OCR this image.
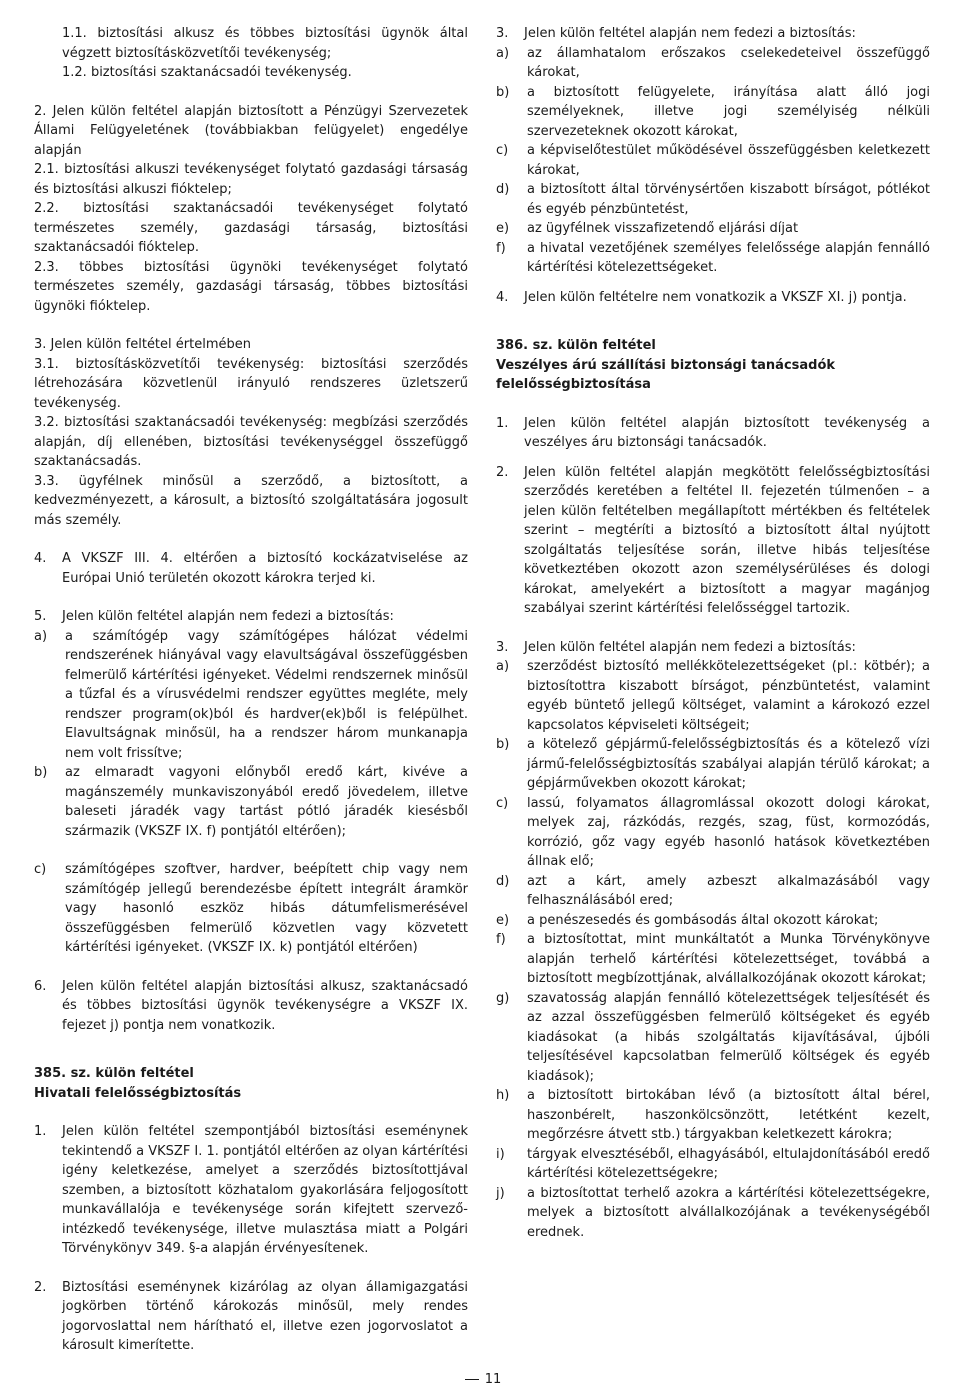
1.1. biztosítási alkusz és többes biztosítási ügynök által végzett biztosításközvetítői tevékenység;

1.2. biztosítási szaktanácsadói tevékenység.

2. Jelen külön feltétel alapján biztosított a Pénzügyi Szervezetek Állami Felügyeletének (továbbiakban felügyelet) engedélye alapján

2.1. biztosítási alkuszi tevékenységet folytató gazdasági társaság és biztosítási alkuszi fióktelep;

2.2. biztosítási szaktanácsadói tevékenységet folytató természetes személy, gazdasági társaság, biztosítási szaktanácsadói fióktelep.

2.3. többes biztosítási ügynöki tevékenységet folytató természetes személy, gazdasági társaság, többes biztosítási ügynöki fióktelep.

3. Jelen külön feltétel értelmében

3.1. biztosításközvetítői tevékenység: biztosítási szerződés létrehozására közvetlenül irányuló rendszeres üzletszerű tevékenység.

3.2. biztosítási szaktanácsadói tevékenység: megbízási szerződés alapján, díj ellenében, biztosítási tevékenységgel összefüggő szaktanácsadás.

3.3. ügyfélnek minősül a szerződő, a biztosított, a kedvezményezett, a károsult, a biztosító szolgáltatására jogosult más személy.

4.	A VKSZF III. 4. eltérően a biztosító kockázatviselése az Európai Unió területén okozott károkra terjed ki.
5.	Jelen külön feltétel alapján nem fedezi a biztosítás:
a)	a számítógép vagy számítógépes hálózat védelmi rendszerének hiányával vagy elavultságával összefüggésben felmerülő kártérítési igényeket. Védelmi rendszernek minősül a tűzfal és a vírusvédelmi rendszer együttes megléte, mely rendszer program(ok)ból és hardver(ek)ből is felépülhet. Elavultságnak minősül, ha a rendszer három munkanapja nem volt frissítve;
b)	az elmaradt vagyoni előnyből eredő kárt, kivéve a magánszemély munkaviszonyából eredő jövedelem, illetve baleseti járadék vagy tartást pótló járadék kiesésből származik (VKSZF IX. f) pontjától eltérően);
c)	számítógépes szoftver, hardver, beépített chip vagy nem számítógép jellegű berendezésbe épített integrált áramkör vagy hasonló eszköz hibás dátumfelismerésével összefüggésben felmerülő közvetlen vagy közvetett kártérítési igényeket. (VKSZF IX. k) pontjától eltérően)
6.	Jelen külön feltétel alapján biztosítási alkusz, szaktanácsadó és többes biztosítási ügynök tevékenységre a VKSZF IX. fejezet j) pontja nem vonatkozik.

385. sz. külön feltétel

Hivatali felelősségbiztosítás

1.	Jelen külön feltétel szempontjából biztosítási eseménynek tekintendő a VKSZF I. 1. pontjától eltérően az olyan kártérítési igény keletkezése, amelyet a szerződés biztosítottjával szemben, a biztosított közhatalom gyakorlására feljogosított munkavállalója e tevékenysége során kifejtett szervező-intézkedő tevékenysége, illetve mulasztása miatt a Polgári Törvénykönyv 349. §-a alapján érvényesítenek.
2.	Biztosítási eseménynek kizárólag az olyan államigazgatási jogkörben történő károkozás minősül, mely rendes jogorvoslattal nem hárítható el, illetve ezen jogorvoslatot a károsult kimerítette.
3.	Jelen külön feltétel alapján nem fedezi a biztosítás:
a)	az államhatalom erőszakos cselekedeteivel összefüggő károkat,
b)	a biztosított felügyelete, irányítása alatt álló jogi személyeknek, illetve jogi személyiség nélküli szervezeteknek okozott károkat,
c)	a képviselőtestület működésével összefüggésben keletkezett károkat,
d)	a biztosított által törvénysértően kiszabott bírságot, pótlékot és egyéb pénzbüntetést,
e)	az ügyfélnek visszafizetendő eljárási díjat
f)	a hivatal vezetőjének személyes felelőssége alapján fennálló kártérítési kötelezettségeket.
4.	Jelen külön feltételre nem vonatkozik a VKSZF XI. j) pontja.

386. sz. külön feltétel

Veszélyes árú szállítási biztonsági tanácsadók felelősségbiztosítása

1.	Jelen külön feltétel alapján biztosított tevékenység a veszélyes áru biztonsági tanácsadók.
2.	Jelen külön feltétel alapján megkötött felelősségbiztosítási szerződés keretében a feltétel II. fejezetén túlmenően – a jelen külön feltételben megállapított mértékben és feltételek szerint – megtéríti a biztosító a biztosított által nyújtott szolgáltatás teljesítése során, illetve hibás teljesítése következtében okozott azon személysérüléses és dologi károkat, amelyekért a biztosított a magyar magánjog szabályai szerint kártérítési felelősséggel tartozik.
3.	Jelen külön feltétel alapján nem fedezi a biztosítás:
a)	szerződést biztosító mellékkötelezettségeket (pl.: kötbér); a biztosítottra kiszabott bírságot, pénzbüntetést, valamint egyéb büntető jellegű költséget, valamint a károkozó ezzel kapcsolatos képviseleti költségeit;
b)	a kötelező gépjármű-felelősségbiztosítás és a kötelező vízi jármű-felelősségbiztosítás szabályai alapján térülő károkat; a gépjárművekben okozott károkat;
c)	lassú, folyamatos állagromlással okozott dologi károkat, melyek zaj, rázkódás, rezgés, szag, füst, kormozódás, korrózió, gőz vagy egyéb hasonló hatások következtében állnak elő;
d)	azt a kárt, amely azbeszt alkalmazásából vagy felhasználásából ered;
e)	a penészesedés és gombásodás által okozott károkat;
f)	a biztosítottat, mint munkáltatót a Munka Törvénykönyve alapján terhelő kártérítési kötelezettséget, továbbá a biztosított megbízottjának, alvállalkozójának okozott károkat;
g)	szavatosság alapján fennálló kötelezettségek teljesítését és az azzal összefüggésben felmerülő költségeket és egyéb kiadásokat (a hibás szolgáltatás kijavításával, újbóli teljesítésével kapcsolatban felmerülő költségek és egyéb kiadások);
h)	a biztosított birtokában lévő (a biztosított által bérel, haszonbérelt, haszonkölcsönzött, letétként kezelt, megőrzésre átvett stb.) tárgyakban keletkezett károkra;
i)	tárgyak elvesztéséből, elhagyásából, eltulajdonításából eredő kártérítési kötelezettségekre;
j)	a biztosítottat terhelő azokra a kártérítési kötelezettségekre, melyek a biztosított alvállalkozójának a tevékenységéből erednek.
11
